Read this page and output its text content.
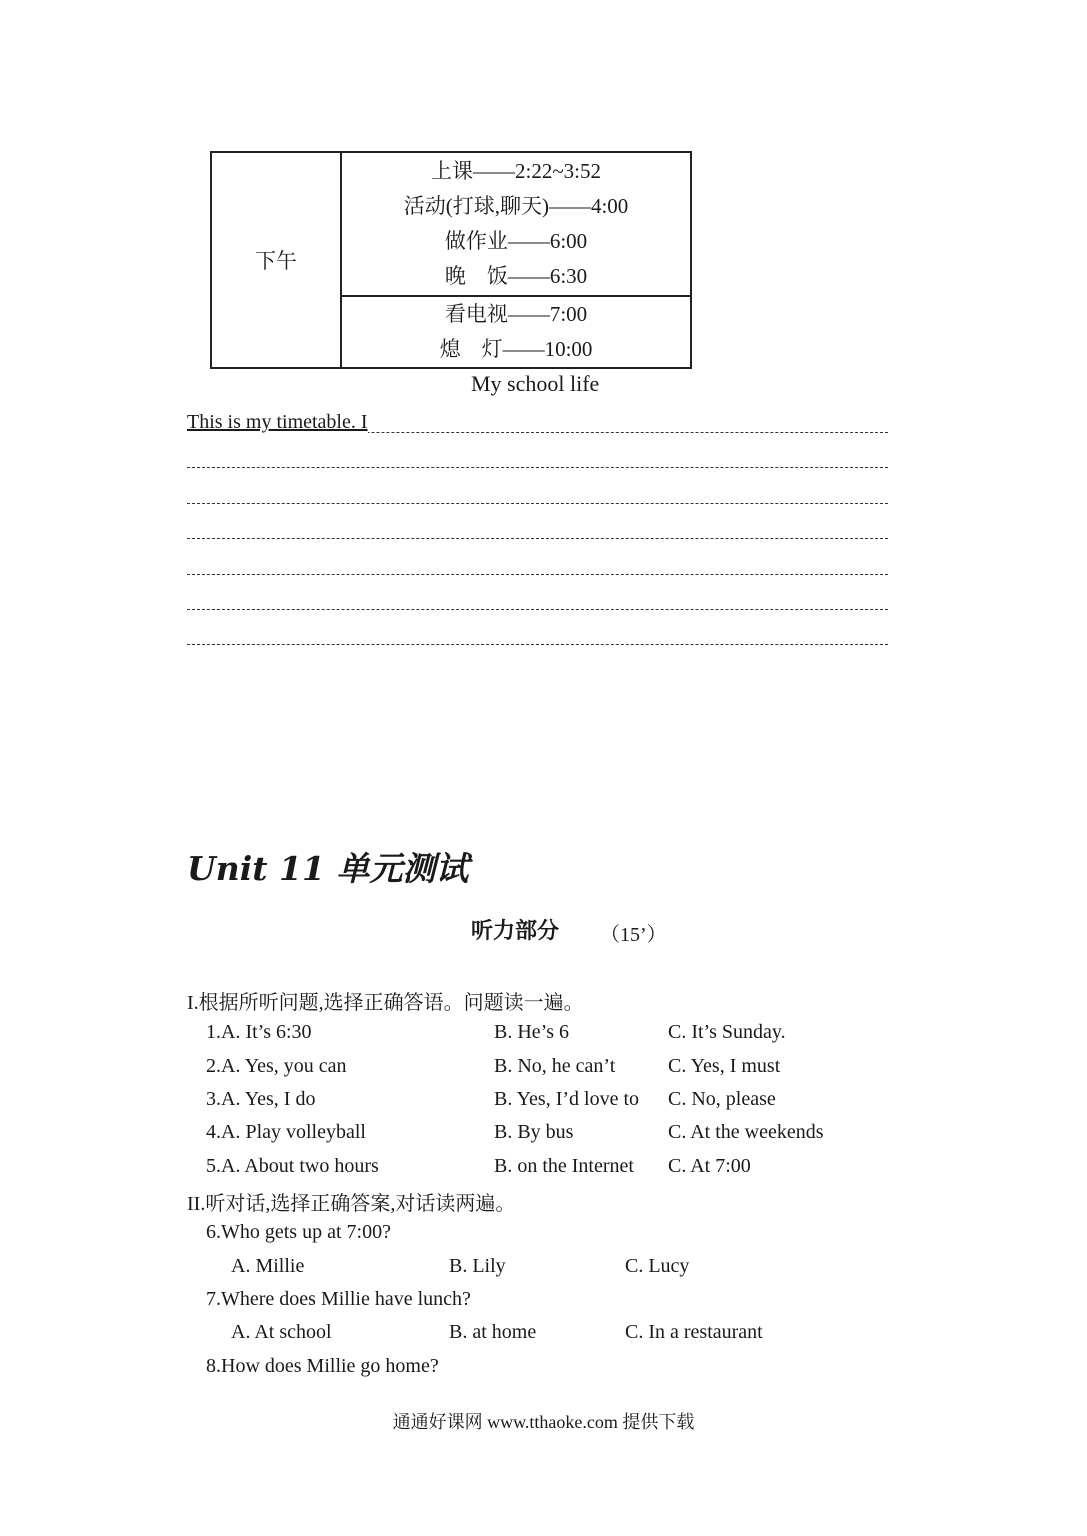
下午	
上课——2:22~3:52
活动(打球,聊天)——4:00
做作业——6:00
晚　饭——6:30

看电视——7:00
熄　灯——10:00
My school life
This is my timetable. I
Unit 11 单元测试
听力部分 （15’）
I.根据所听问题,选择正确答语。问题读一遍。
1.A. It’s 6:30	B. He’s 6	C. It’s Sunday.
2.A. Yes, you can	B. No, he can’t	C. Yes, I must
3.A. Yes, I do	B. Yes, I’d love to C. No, please
4.A. Play volleyball	B. By bus	C. At the weekends
5.A. About two hours	B. on the Internet C. At 7:00
II.听对话,选择正确答案,对话读两遍。
6.Who gets up at 7:00?
A. Millie	B. Lily	C. Lucy
7.Where does Millie have lunch?
A. At school	B. at home	C. In a restaurant
8.How does Millie go home?
通通好课网 www.tthaoke.com 提供下载
